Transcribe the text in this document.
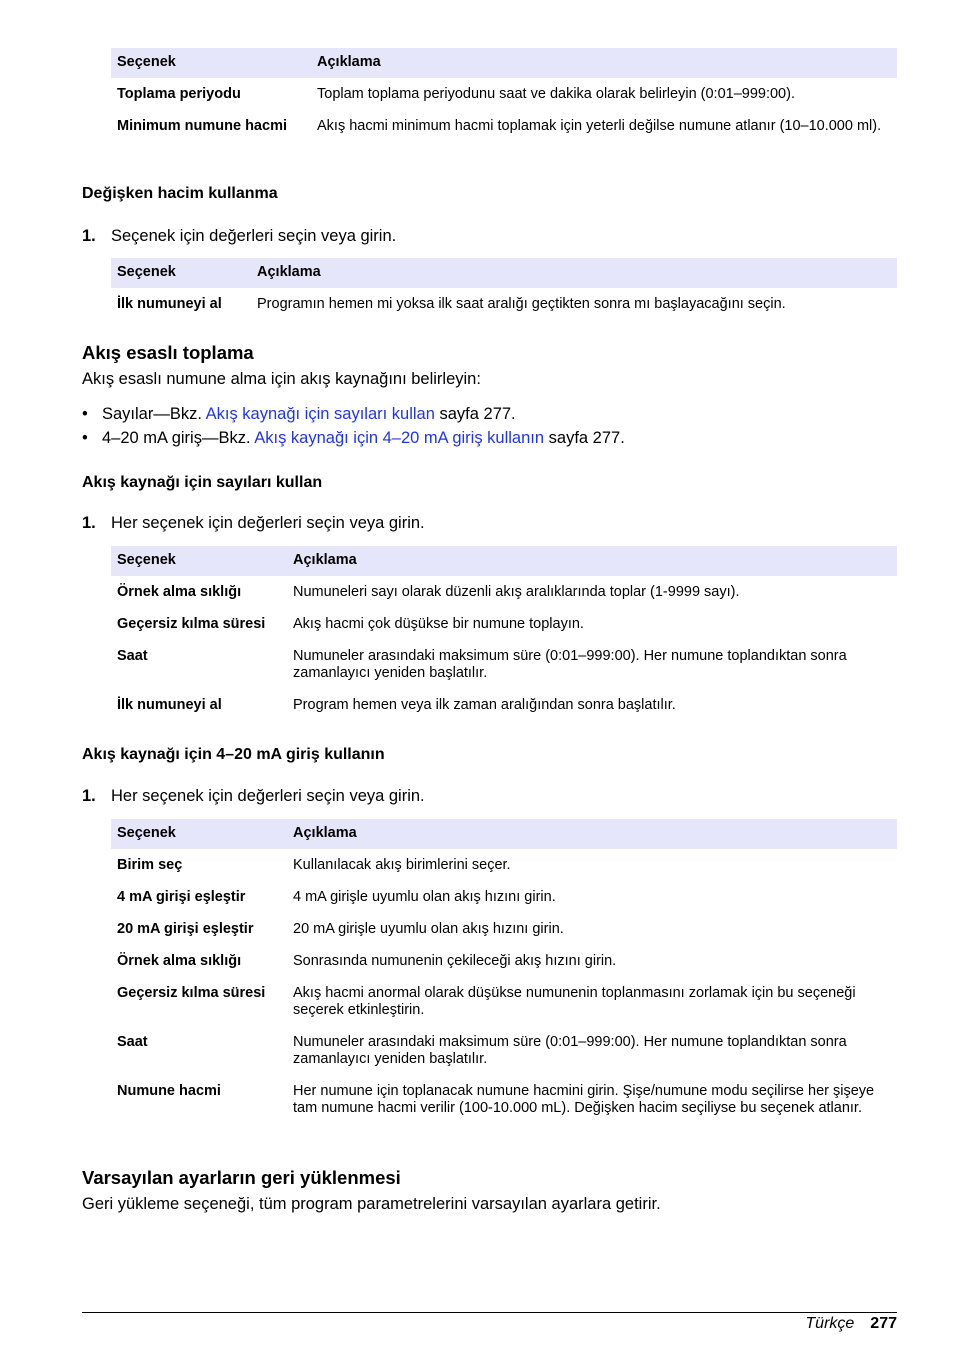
Seçenek	Açıklama
Toplama periyodu	Toplam toplama periyodunu saat ve dakika olarak belirleyin (0:01–999:00).
Minimum numune hacmi	Akış hacmi minimum hacmi toplamak için yeterli değilse numune atlanır (10–10.000 ml).
Değişken hacim kullanma
1. Seçenek için değerleri seçin veya girin.
Seçenek	Açıklama
İlk numuneyi al	Programın hemen mi yoksa ilk saat aralığı geçtikten sonra mı başlayacağını seçin.
Akış esaslı toplama

Akış esaslı numune alma için akış kaynağını belirleyin:

• Sayılar—Bkz. Akış kaynağı için sayıları kullan sayfa 277.
• 4–20 mA giriş—Bkz. Akış kaynağı için 4–20 mA giriş kullanın sayfa 277.
Akış kaynağı için sayıları kullan
1. Her seçenek için değerleri seçin veya girin.
Seçenek	Açıklama
Örnek alma sıklığı	Numuneleri sayı olarak düzenli akış aralıklarında toplar (1-9999 sayı).
Geçersiz kılma süresi	Akış hacmi çok düşükse bir numune toplayın.
Saat	Numuneler arasındaki maksimum süre (0:01–999:00). Her numune toplandıktan sonra zamanlayıcı yeniden başlatılır.
İlk numuneyi al	Program hemen veya ilk zaman aralığından sonra başlatılır.
Akış kaynağı için 4–20 mA giriş kullanın
1. Her seçenek için değerleri seçin veya girin.
Seçenek	Açıklama
Birim seç	Kullanılacak akış birimlerini seçer.
4 mA girişi eşleştir	4 mA girişle uyumlu olan akış hızını girin.
20 mA girişi eşleştir	20 mA girişle uyumlu olan akış hızını girin.
Örnek alma sıklığı	Sonrasında numunenin çekileceği akış hızını girin.
Geçersiz kılma süresi	Akış hacmi anormal olarak düşükse numunenin toplanmasını zorlamak için bu seçeneği seçerek etkinleştirin.
Saat	Numuneler arasındaki maksimum süre (0:01–999:00). Her numune toplandıktan sonra zamanlayıcı yeniden başlatılır.
Numune hacmi	Her numune için toplanacak numune hacmini girin. Şişe/numune modu seçilirse her şişeye tam numune hacmi verilir (100-10.000 mL). Değişken hacim seçiliyse bu seçenek atlanır.
Varsayılan ayarların geri yüklenmesi

Geri yükleme seçeneği, tüm program parametrelerini varsayılan ayarlara getirir.

Türkçe 277
